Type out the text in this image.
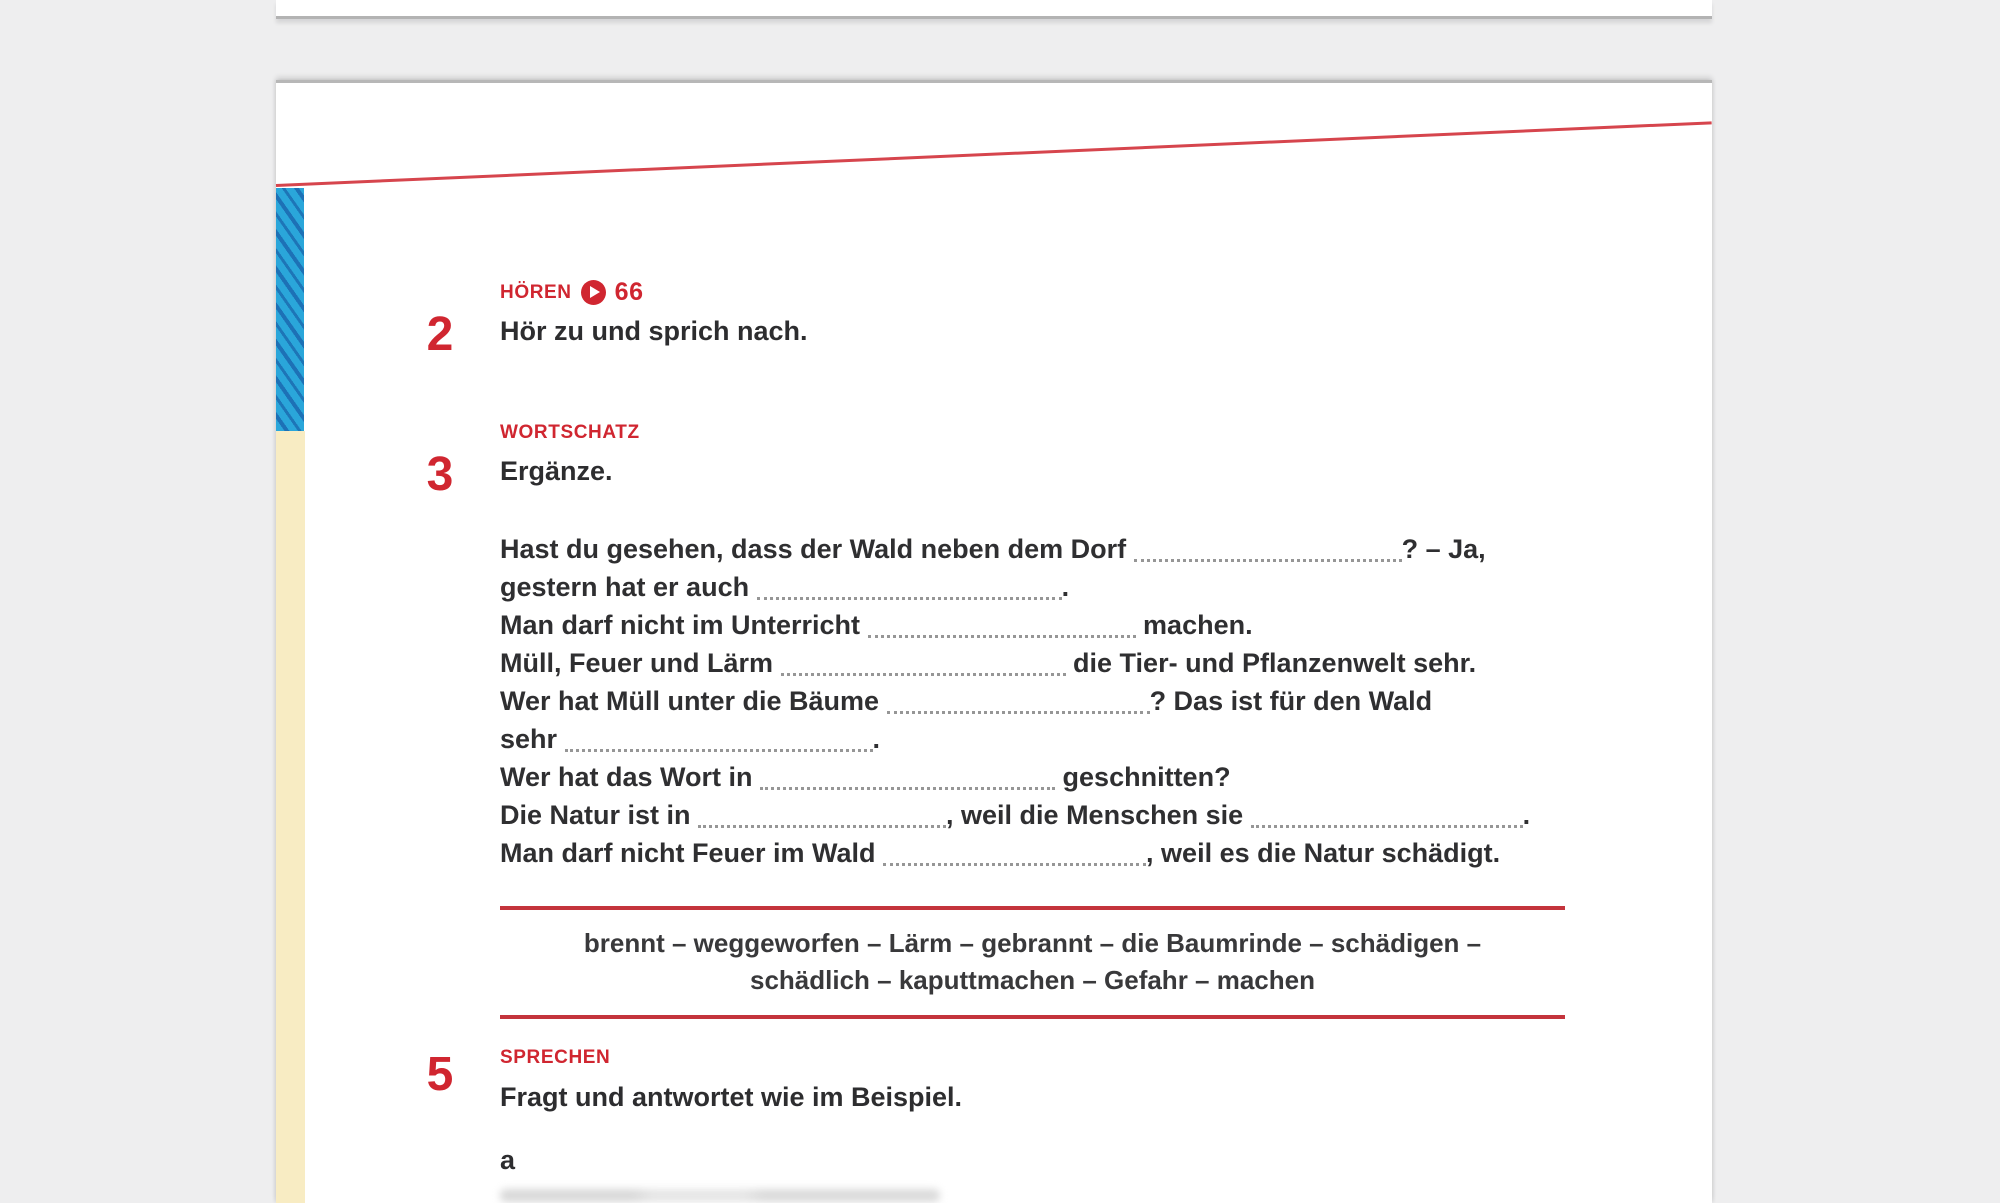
2
HÖREN 66
Hör zu und sprich nach.
3
WORTSCHATZ
Ergänze.
Hast du gesehen, dass der Wald neben dem Dorf	? – Ja,
gestern hat er auch	.
Man darf nicht im Unterricht	machen.
Müll, Feuer und Lärm	die Tier- und Pflanzenwelt sehr.
Wer hat Müll unter die Bäume	? Das ist für den Wald
sehr	.
Wer hat das Wort in	geschnitten?
Die Natur ist in	, weil die Menschen sie	.
Man darf nicht Feuer im Wald	, weil es die Natur schädigt.
brennt – weggeworfen – Lärm – gebrannt – die Baumrinde – schädigen –
schädlich – kaputtmachen – Gefahr – machen
5	SPRECHEN
Fragt und antwortet wie im Beispiel.
a
